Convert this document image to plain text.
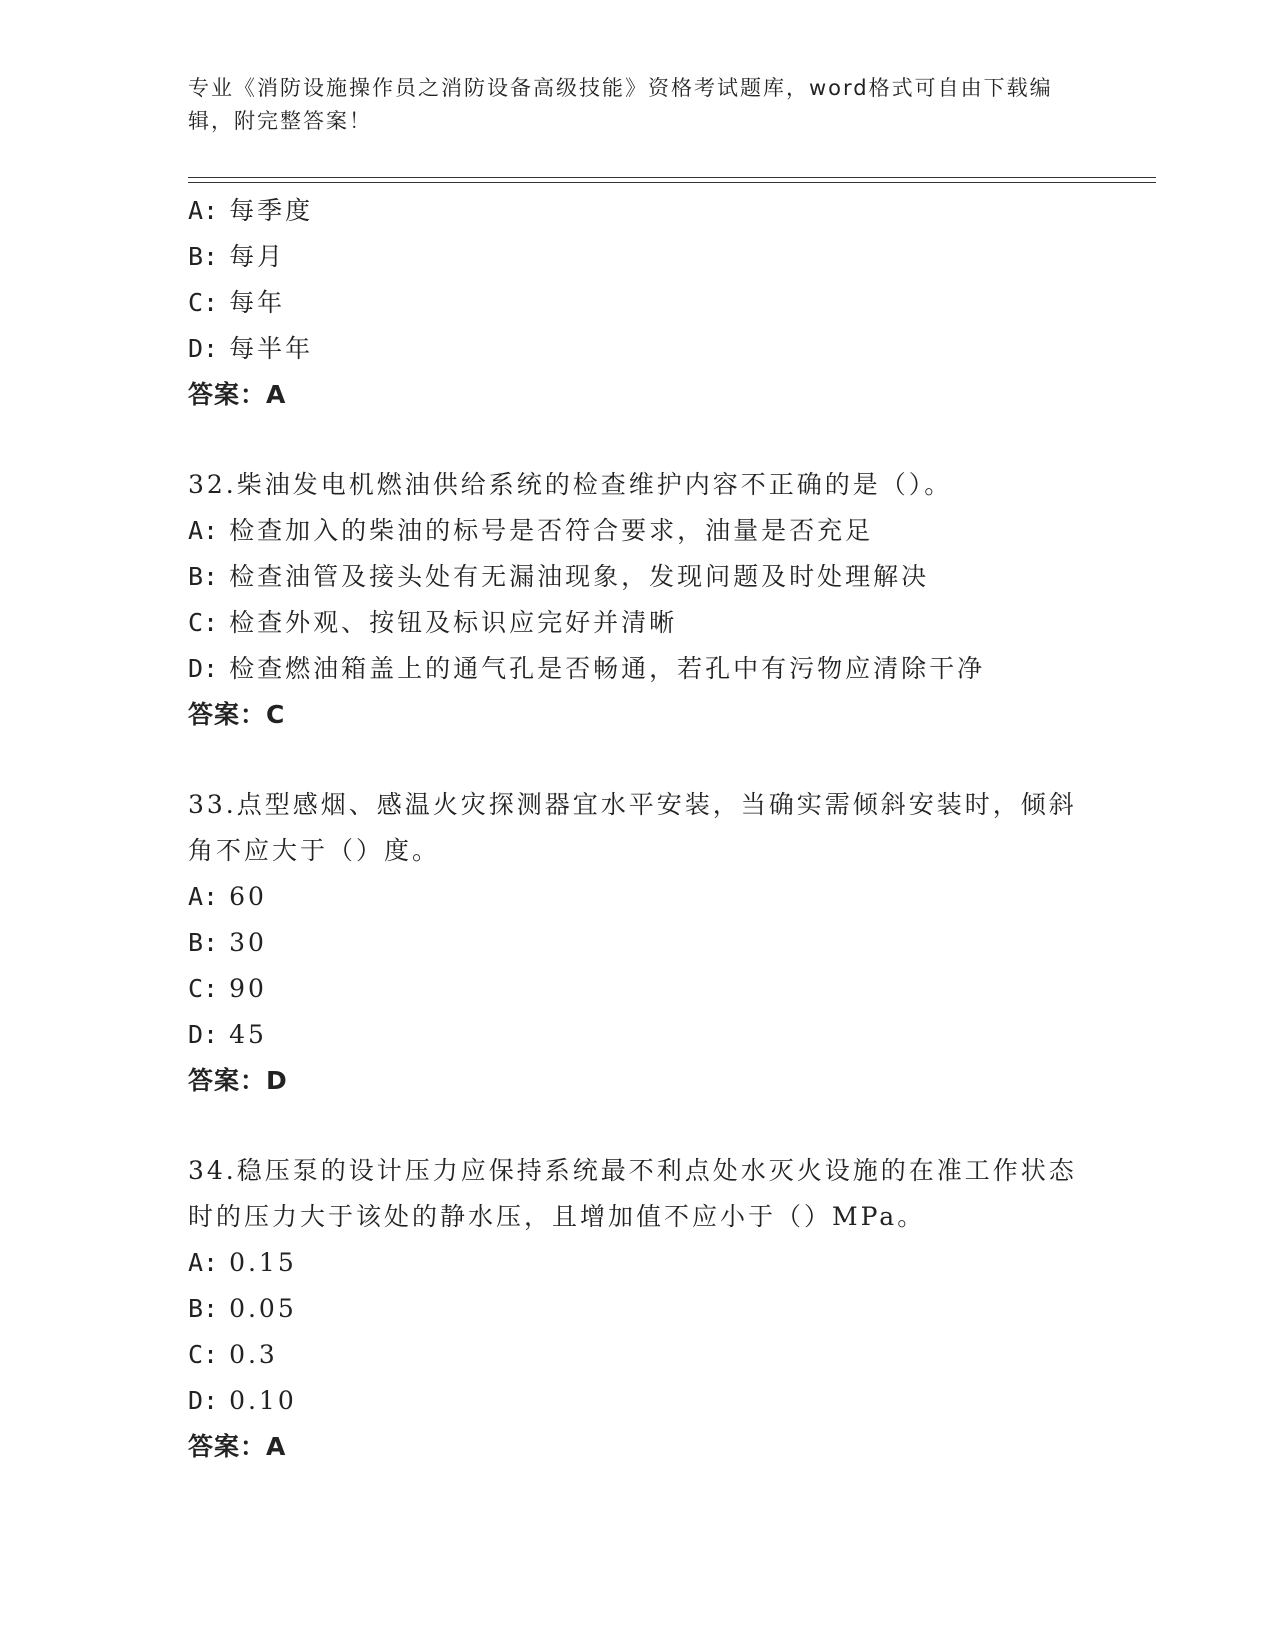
专业《消防设施操作员之消防设备高级技能》资格考试题库，word格式可自由下载编辑，附完整答案！
A: 每季度
B: 每月
C: 每年
D: 每半年
答案：A
32.柴油发电机燃油供给系统的检查维护内容不正确的是（）。
A: 检查加入的柴油的标号是否符合要求，油量是否充足
B: 检查油管及接头处有无漏油现象，发现问题及时处理解决
C: 检查外观、按钮及标识应完好并清晰
D: 检查燃油箱盖上的通气孔是否畅通，若孔中有污物应清除干净
答案：C
33.点型感烟、感温火灾探测器宜水平安装，当确实需倾斜安装时，倾斜角不应大于（）度。
A: 60
B: 30
C: 90
D: 45
答案：D
34.稳压泵的设计压力应保持系统最不利点处水灭火设施的在准工作状态时的压力大于该处的静水压，且增加值不应小于（）MPa。
A: 0.15
B: 0.05
C: 0.3
D: 0.10
答案：A
